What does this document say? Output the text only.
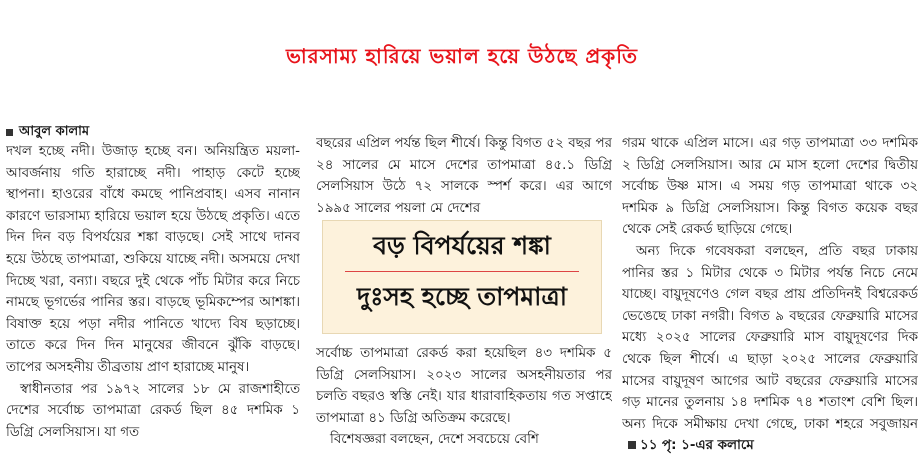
ভারসাম্য হারিয়ে ভয়াল হয়ে উঠছে প্রকৃতি
আবুল কালাম

দখল হচ্ছে নদী। উজাড় হচ্ছে বন। অনিয়ন্ত্রিত ময়লা-আবর্জনায় গতি হারাচ্ছে নদী। পাহাড় কেটে হচ্ছে স্থাপনা। হাওরের বাঁধে কমছে পানিপ্রবাহ। এসব নানান কারণে ভারসাম্য হারিয়ে ভয়াল হয়ে উঠছে প্রকৃতি। এতে দিন দিন বড় বিপর্যয়ের শঙ্কা বাড়ছে। সেই সাথে দানব হয়ে উঠছে তাপমাত্রা, শুকিয়ে যাচ্ছে নদী। অসময়ে দেখা দিচ্ছে খরা, বন্যা। বছরে দুই থেকে পাঁচ মিটার করে নিচে নামছে ভূগর্ভের পানির স্তর। বাড়ছে ভূমিকম্পের আশঙ্কা। বিষাক্ত হয়ে পড়া নদীর পানিতে খাদ্যে বিষ ছড়াচ্ছে। তাতে করে দিন দিন মানুষের জীবনে ঝুঁকি বাড়ছে। তাপের অসহনীয় তীব্রতায় প্রাণ হারাচ্ছে মানুষ।

স্বাধীনতার পর ১৯৭২ সালের ১৮ মে রাজশাহীতে দেশের সর্বোচ্চ তাপমাত্রা রেকর্ড ছিল ৪৫ দশমিক ১ ডিগ্রি সেলসিয়াস। যা গত

বছরের এপ্রিল পর্যন্ত ছিল শীর্ষে। কিন্তু বিগত ৫২ বছর পর ২৪ সালের মে মাসে দেশের তাপমাত্রা ৪৫.১ ডিগ্রি সেলসিয়াস উঠে ৭২ সালকে স্পর্শ করে। এর আগে ১৯৯৫ সালের পয়লা মে দেশের

সর্বোচ্চ তাপমাত্রা রেকর্ড করা হয়েছিল ৪৩ দশমিক ৫ ডিগ্রি সেলসিয়াস। ২০২৩ সালের অসহনীয়তার পর চলতি বছরও স্বস্তি নেই। যার ধারাবাহিকতায় গত সপ্তাহে তাপমাত্রা ৪১ ডিগ্রি অতিক্রম করেছে।

বিশেষজ্ঞরা বলছেন, দেশে সবচেয়ে বেশি

বড় বিপর্যয়ের শঙ্কা
দুঃসহ হচ্ছে তাপমাত্রা

গরম থাকে এপ্রিল মাসে। এর গড় তাপমাত্রা ৩৩ দশমিক ২ ডিগ্রি সেলসিয়াস। আর মে মাস হলো দেশের দ্বিতীয় সর্বোচ্চ উষ্ণ মাস। এ সময় গড় তাপমাত্রা থাকে ৩২ দশমিক ৯ ডিগ্রি সেলসিয়াস। কিন্তু বিগত কয়েক বছর থেকে সেই রেকর্ড ছাড়িয়ে গেছে।

অন্য দিকে গবেষকরা বলছেন, প্রতি বছর ঢাকায় পানির স্তর ১ মিটার থেকে ৩ মিটার পর্যন্ত নিচে নেমে যাচ্ছে। বায়ুদূষণেও গেল বছর প্রায় প্রতিদিনই বিশ্বরেকর্ড ভেঙেছে ঢাকা নগরী। বিগত ৯ বছরের ফেব্রুয়ারি মাসের মধ্যে ২০২৫ সালের ফেব্রুয়ারি মাস বায়ুদূষণের দিক থেকে ছিল শীর্ষে। এ ছাড়া ২০২৫ সালের ফেব্রুয়ারি মাসের বায়ুদূষণ আগের আট বছরের ফেব্রুয়ারি মাসের গড় মানের তুলনায় ১৪ দশমিক ৭৪ শতাংশ বেশি ছিল। অন্য দিকে সমীক্ষায় দেখা গেছে, ঢাকা শহরে সবুজায়ন১১ পৃ: ১-এর কলামে
